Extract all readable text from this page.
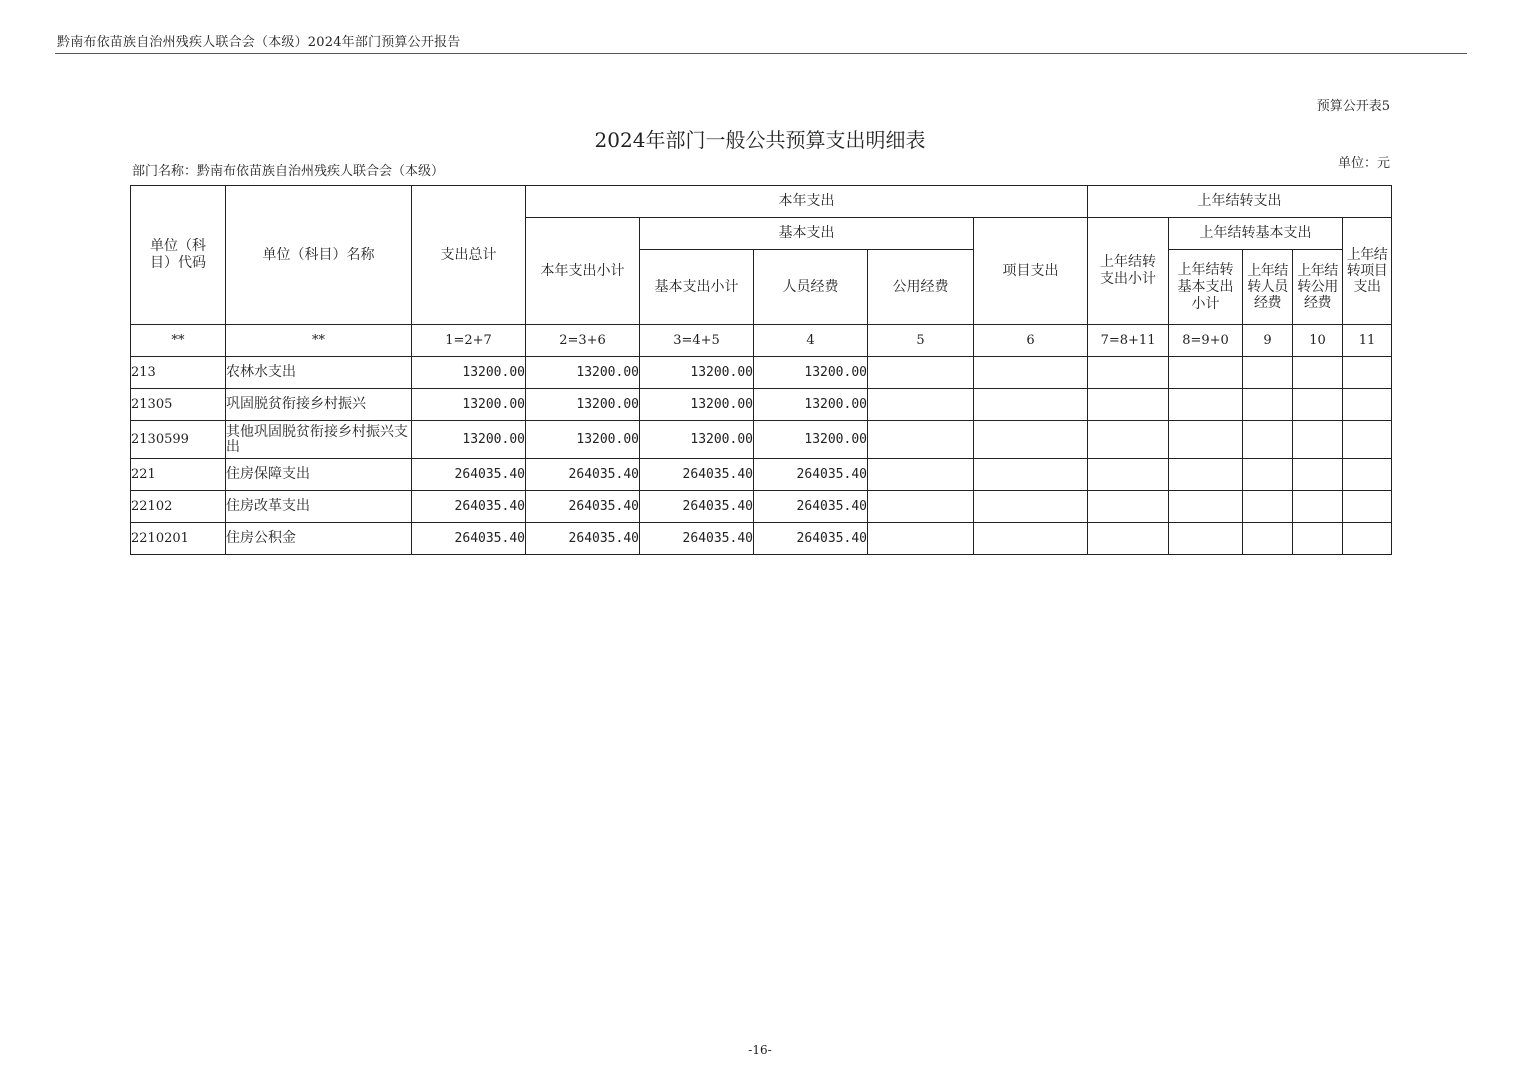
黔南布依苗族自治州残疾人联合会（本级）2024年部门预算公开报告
预算公开表5
2024年部门一般公共预算支出明细表
部门名称：黔南布依苗族自治州残疾人联合会（本级）
单位：元
单位（科目）代码	单位（科目）名称	支出总计	本年支出					上年结转支出				
			本年支出小计	基本支出			项目支出	上年结转支出小计	上年结转基本支出			上年结转项目支出
				基本支出小计	人员经费	公用经费			上年结转基本支出小计	上年结转人员经费	上年结转公用经费	
**	**	1=2+7	2=3+6	3=4+5	4	5	6	7=8+11	8=9+0	9	10	11
213	农林水支出	13200.00	13200.00	13200.00	13200.00							
21305	巩固脱贫衔接乡村振兴	13200.00	13200.00	13200.00	13200.00							
2130599	其他巩固脱贫衔接乡村振兴支出	13200.00	13200.00	13200.00	13200.00							
221	住房保障支出	264035.40	264035.40	264035.40	264035.40							
22102	住房改革支出	264035.40	264035.40	264035.40	264035.40							
2210201	住房公积金	264035.40	264035.40	264035.40	264035.40							
-16-
